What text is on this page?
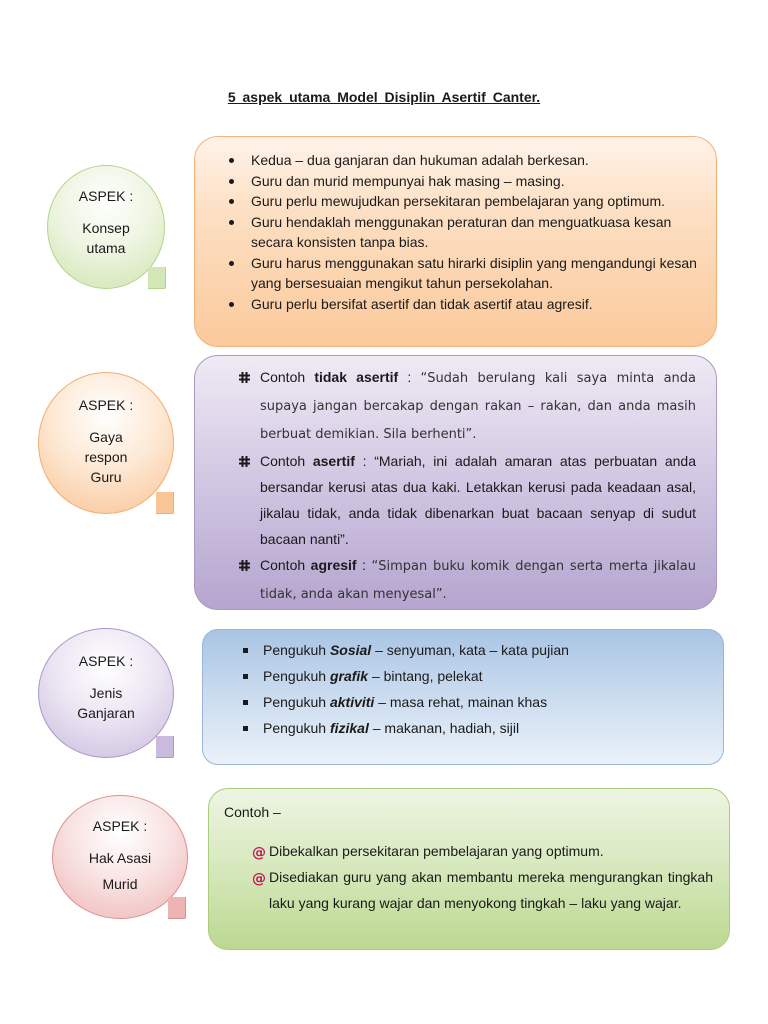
5 aspek utama Model Disiplin Asertif Canter.
ASPEK :
Konsep
utama
ASPEK :
Gaya
respon
Guru
ASPEK :
Jenis
Ganjaran
ASPEK :
Hak Asasi
Murid
Kedua – dua ganjaran dan hukuman adalah berkesan.
Guru dan murid mempunyai hak masing – masing.
Guru perlu mewujudkan persekitaran pembelajaran yang optimum.
Guru hendaklah menggunakan peraturan dan menguatkuasa kesan secara konsisten tanpa bias.
Guru harus menggunakan satu hirarki disiplin yang mengandungi kesan yang bersesuaian mengikut tahun persekolahan.
Guru perlu bersifat asertif dan tidak asertif atau agresif.
Contoh tidak asertif : “Sudah berulang kali saya minta anda supaya jangan bercakap dengan rakan – rakan, dan anda masih berbuat demikian. Sila berhenti”.
Contoh asertif : “Mariah, ini adalah amaran atas perbuatan anda bersandar kerusi atas dua kaki. Letakkan kerusi pada keadaan asal, jikalau tidak, anda tidak dibenarkan buat bacaan senyap di sudut bacaan nanti”.
Contoh agresif : “Simpan buku komik dengan serta merta jikalau tidak, anda akan menyesal”.
Pengukuh Sosial – senyuman, kata – kata pujian
Pengukuh grafik – bintang, pelekat
Pengukuh aktiviti – masa rehat, mainan khas
Pengukuh fizikal – makanan, hadiah, sijil
Contoh –
@ Dibekalkan persekitaran pembelajaran yang optimum.
@ Disediakan guru yang akan membantu mereka mengurangkan tingkah laku yang kurang wajar dan menyokong tingkah – laku yang wajar.
